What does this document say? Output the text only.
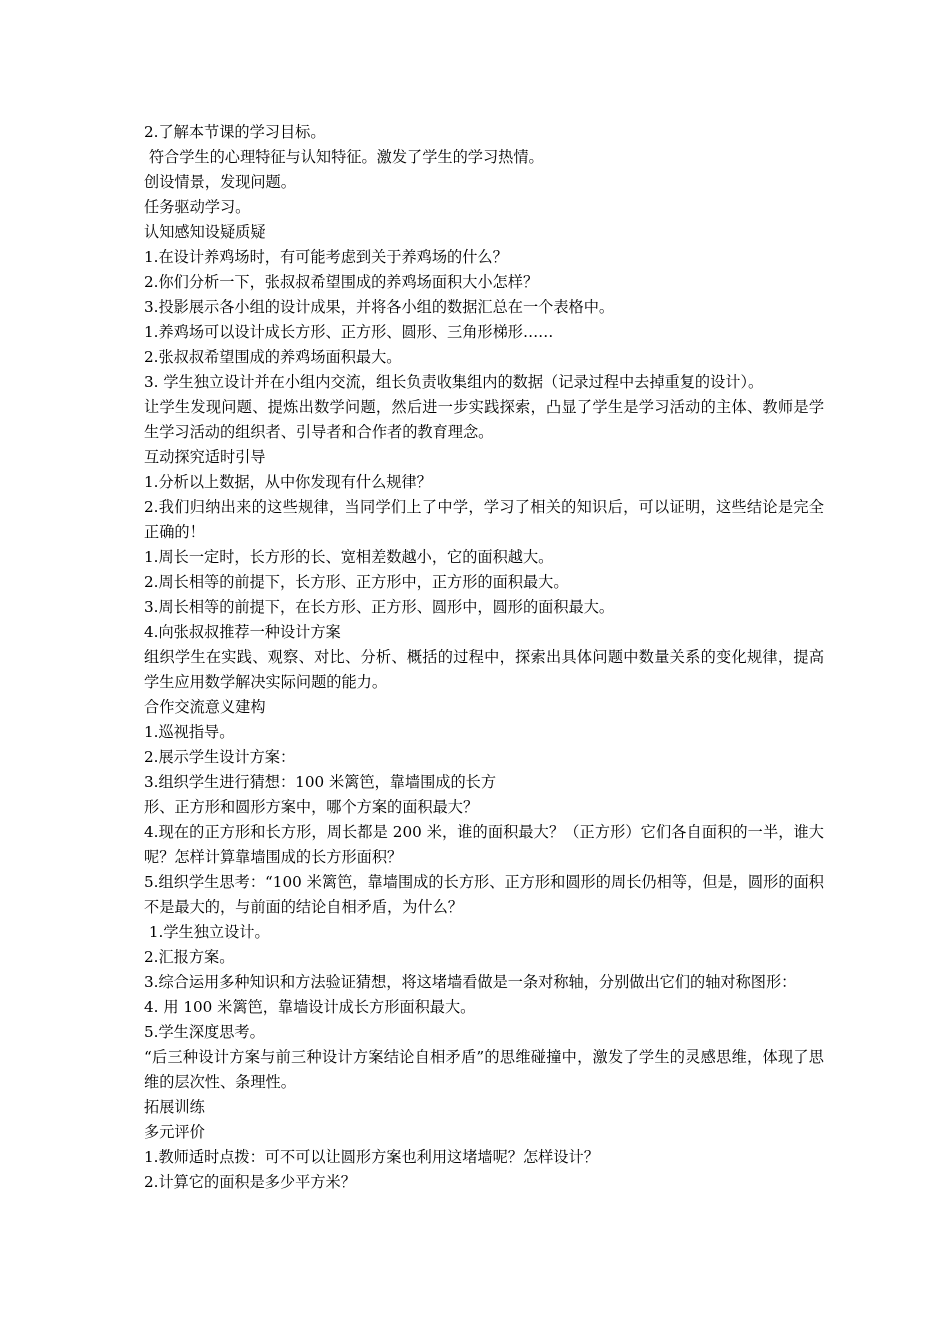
2.了解本节课的学习目标。
符合学生的心理特征与认知特征。激发了学生的学习热情。
创设情景，发现问题。
任务驱动学习。
认知感知设疑质疑
1.在设计养鸡场时，有可能考虑到关于养鸡场的什么？
2.你们分析一下，张叔叔希望围成的养鸡场面积大小怎样？
3.投影展示各小组的设计成果，并将各小组的数据汇总在一个表格中。
1.养鸡场可以设计成长方形、正方形、圆形、三角形梯形……
2.张叔叔希望围成的养鸡场面积最大。
3. 学生独立设计并在小组内交流，组长负责收集组内的数据（记录过程中去掉重复的设计）。
让学生发现问题、提炼出数学问题，然后进一步实践探索，凸显了学生是学习活动的主体、教师是学生学习活动的组织者、引导者和合作者的教育理念。
互动探究适时引导
1.分析以上数据，从中你发现有什么规律？
2.我们归纳出来的这些规律，当同学们上了中学，学习了相关的知识后，可以证明，这些结论是完全正确的！
1.周长一定时，长方形的长、宽相差数越小，它的面积越大。
2.周长相等的前提下，长方形、正方形中，正方形的面积最大。
3.周长相等的前提下，在长方形、正方形、圆形中，圆形的面积最大。
4.向张叔叔推荐一种设计方案
组织学生在实践、观察、对比、分析、概括的过程中，探索出具体问题中数量关系的变化规律，提高学生应用数学解决实际问题的能力。
合作交流意义建构
1.巡视指导。
2.展示学生设计方案：
3.组织学生进行猜想：100 米篱笆，靠墙围成的长方
形、正方形和圆形方案中，哪个方案的面积最大？
4.现在的正方形和长方形，周长都是 200 米，谁的面积最大？（正方形）它们各自面积的一半，谁大呢？怎样计算靠墙围成的长方形面积？
5.组织学生思考：“100 米篱笆，靠墙围成的长方形、正方形和圆形的周长仍相等，但是，圆形的面积不是最大的，与前面的结论自相矛盾，为什么？
1.学生独立设计。
2.汇报方案。
3.综合运用多种知识和方法验证猜想，将这堵墙看做是一条对称轴，分别做出它们的轴对称图形：
4. 用 100 米篱笆，靠墙设计成长方形面积最大。
5.学生深度思考。
“后三种设计方案与前三种设计方案结论自相矛盾”的思维碰撞中，激发了学生的灵感思维，体现了思维的层次性、条理性。
拓展训练
多元评价
1.教师适时点拨：可不可以让圆形方案也利用这堵墙呢？怎样设计？
2.计算它的面积是多少平方米？
